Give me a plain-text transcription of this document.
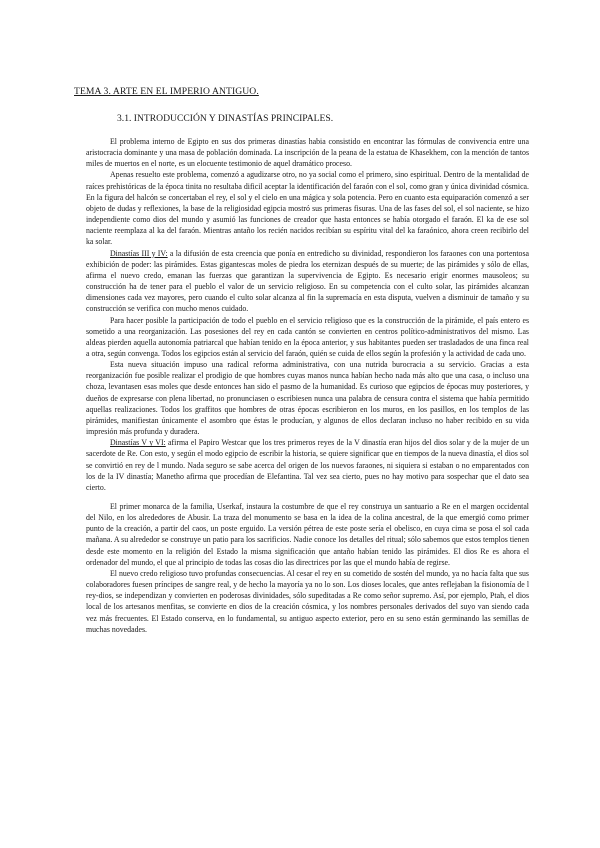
TEMA 3. ARTE EN EL IMPERIO ANTIGUO.
3.1. INTRODUCCIÓN Y DINASTÍAS PRINCIPALES.

El problema interno de Egipto en sus dos primeras dinastías habia consistido en encontrar las fórmulas de convivencia entre una aristocracia dominante y una masa de población dominada. La inscripción de la peana de la estatua de Khasekhem, con la mención de tantos miles de muertos en el norte, es un elocuente testimonio de aquel dramático proceso.

Apenas resuelto este problema, comenzó a agudizarse otro, no ya social como el primero, sino espiritual. Dentro de la mentalidad de raíces prehistóricas de la época tinita no resultaba dificil aceptar la identificación del faraón con el sol, como gran y única divinidad cósmica. En la figura del halcón se concertaban el rey, el sol y el cielo en una mágica y sola potencia. Pero en cuanto esta equiparación comenzó a ser objeto de dudas y reflexiones, la base de la religiosidad egipcia mostró sus primeras fisuras. Una de las fases del sol, el sol naciente, se hizo independiente como dios del mundo y asumió las funciones de creador que hasta entonces se había otorgado el faraón. El ka de ese sol naciente reemplaza al ka del faraón. Mientras antaño los recién nacidos recibían su espíritu vital del ka faraónico, ahora creen recibirlo del ka solar.

Dinastías III y IV: a la difusión de esta creencia que ponía en entredicho su divinidad, respondieron los faraones con una portentosa exhibición de poder: las pirámides. Estas gigantescas moles de piedra los eternizan después de su muerte; de las pirámides y sólo de ellas, afirma el nuevo credo, emanan las fuerzas que garantizan la supervivencia de Egipto. Es necesario erigir enormes mausoleos; su construcción ha de tener para el pueblo el valor de un servicio religioso. En su competencia con el culto solar, las pirámides alcanzan dimensiones cada vez mayores, pero cuando el culto solar alcanza al fin la supremacía en esta disputa, vuelven a disminuir de tamaño y su construcción se verifica con mucho menos cuidado.

Para hacer posible la participación de todo el pueblo en el servicio religioso que es la construcción de la pirámide, el país entero es sometido a una reorganización. Las posesiones del rey en cada cantón se convierten en centros político-administrativos del mismo. Las aldeas pierden aquella autonomía patriarcal que habían tenido en la época anterior, y sus habitantes pueden ser trasladados de una finca real a otra, según convenga. Todos los egipcios están al servicio del faraón, quién se cuida de ellos según la profesión y la actividad de cada uno.

Esta nueva situación impuso una radical reforma administrativa, con una nutrida burocracia a su servicio. Gracias a esta reorganización fue posible realizar el prodigio de que hombres cuyas manos nunca habían hecho nada más alto que una casa, o incluso una choza, levantasen esas moles que desde entonces han sido el pasmo de la humanidad. Es curioso que egipcios de épocas muy posteriores, y dueños de expresarse con plena libertad, no pronunciasen o escribiesen nunca una palabra de censura contra el sistema que había permitido aquellas realizaciones. Todos los graffitos que hombres de otras épocas escribieron en los muros, en los pasillos, en los templos de las pirámides, manifiestan únicamente el asombro que éstas le producían, y algunos de ellos declaran incluso no haber recibido en su vida impresión más profunda y duradera.

Dinastías V y VI: afirma el Papiro Westcar que los tres primeros reyes de la V dinastía eran hijos del dios solar y de la mujer de un sacerdote de Re. Con esto, y según el modo egipcio de escribir la historia, se quiere significar que en tiempos de la nueva dinastía, el dios sol se convirtió en rey de l mundo. Nada seguro se sabe acerca del origen de los nuevos faraones, ni siquiera si estaban o no emparentados con los de la IV dinastía; Manetho afirma que procedían de Elefantina. Tal vez sea cierto, pues no hay motivo para sospechar que el dato sea cierto.

El primer monarca de la familia, Userkaf, instaura la costumbre de que el rey construya un santuario a Re en el margen occidental del Nilo, en los alrededores de Abusir. La traza del monumento se basa en la idea de la colina ancestral, de la que emergió como primer punto de la creación, a partir del caos, un poste erguido. La versión pétrea de este poste sería el obelisco, en cuya cima se posa el sol cada mañana. A su alrededor se construye un patio para los sacrificios. Nadie conoce los detalles del ritual; sólo sabemos que estos templos tienen desde este momento en la religión del Estado la misma significación que antaño habían tenido las pirámides. El dios Re es ahora el ordenador del mundo, el que al principio de todas las cosas dio las directrices por las que el mundo había de regirse.

El nuevo credo religioso tuvo profundas consecuencias. Al cesar el rey en su cometido de sostén del mundo, ya no hacía falta que sus colaboradores fuesen príncipes de sangre real, y de hecho la mayoría ya no lo son. Los dioses locales, que antes reflejaban la fisionomía de l rey-dios, se independizan y convierten en poderosas divinidades, sólo supeditadas a Re como señor supremo. Así, por ejemplo, Ptah, el dios local de los artesanos menfitas, se convierte en dios de la creación cósmica, y los nombres personales derivados del suyo van siendo cada vez más frecuentes. El Estado conserva, en lo fundamental, su antiguo aspecto exterior, pero en su seno están germinando las semillas de muchas novedades.
